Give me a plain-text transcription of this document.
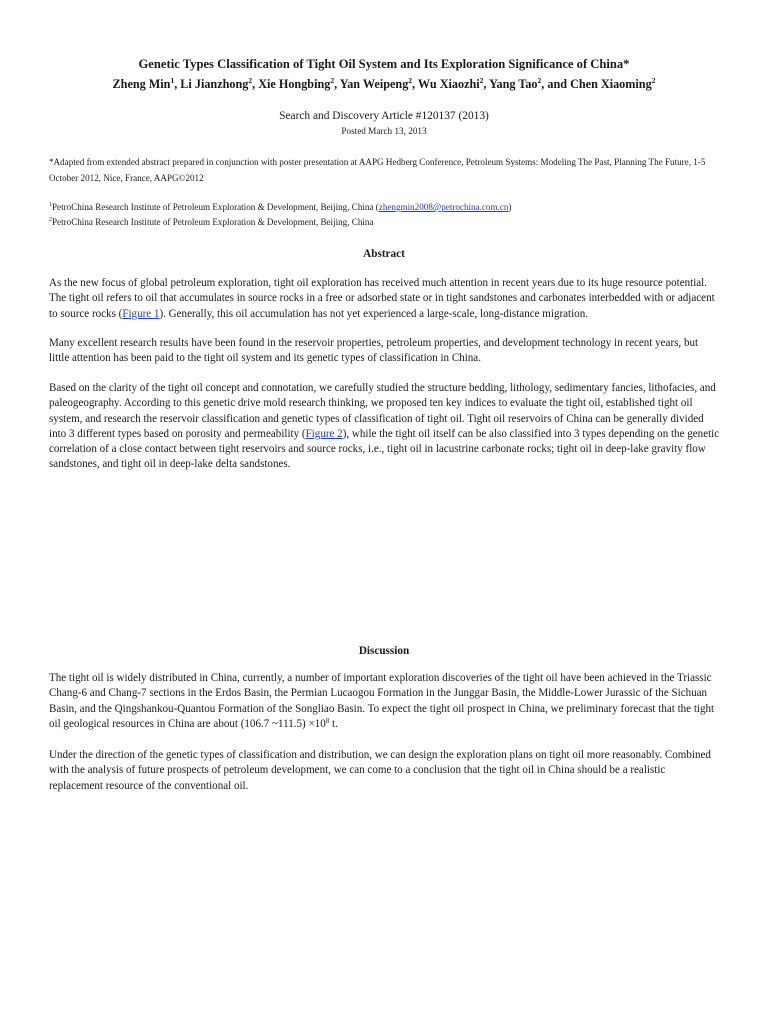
Genetic Types Classification of Tight Oil System and Its Exploration Significance of China*
Zheng Min$^1$, Li Jianzhong$^2$, Xie Hongbing$^2$, Yan Weipeng$^2$, Wu Xiaozhi$^2$, Yang Tao$^2$, and Chen Xiaoming$^2$
Search and Discovery Article #120137 (2013)
Posted March 13, 2013
*Adapted from extended abstract prepared in conjunction with poster presentation at AAPG Hedberg Conference, Petroleum Systems: Modeling The Past, Planning The Future, 1-5 October 2012, Nice, France, AAPG©2012
$^1$PetroChina Research Institute of Petroleum Exploration & Development, Beijing, China (zhengmin2008@petrochina.com.cn)
$^2$PetroChina Research Institute of Petroleum Exploration & Development, Beijing, China
Abstract
As the new focus of global petroleum exploration, tight oil exploration has received much attention in recent years due to its huge resource potential. The tight oil refers to oil that accumulates in source rocks in a free or adsorbed state or in tight sandstones and carbonates interbedded with or adjacent to source rocks (Figure 1). Generally, this oil accumulation has not yet experienced a large-scale, long-distance migration.
Many excellent research results have been found in the reservoir properties, petroleum properties, and development technology in recent years, but little attention has been paid to the tight oil system and its genetic types of classification in China.
Based on the clarity of the tight oil concept and connotation, we carefully studied the structure bedding, lithology, sedimentary fancies, lithofacies, and paleogeography. According to this genetic drive mold research thinking, we proposed ten key indices to evaluate the tight oil, established tight oil system, and research the reservoir classification and genetic types of classification of tight oil. Tight oil reservoirs of China can be generally divided into 3 different types based on porosity and permeability (Figure 2), while the tight oil itself can be also classified into 3 types depending on the genetic correlation of a close contact between tight reservoirs and source rocks, i.e., tight oil in lacustrine carbonate rocks; tight oil in deep-lake gravity flow sandstones, and tight oil in deep-lake delta sandstones.
Discussion
The tight oil is widely distributed in China, currently, a number of important exploration discoveries of the tight oil have been achieved in the Triassic Chang-6 and Chang-7 sections in the Erdos Basin, the Permian Lucaogou Formation in the Junggar Basin, the Middle-Lower Jurassic of the Sichuan Basin, and the Qingshankou-Quantou Formation of the Songliao Basin. To expect the tight oil prospect in China, we preliminary forecast that the tight oil geological resources in China are about (106.7 ~111.5) $\times 10^8$ t.
Under the direction of the genetic types of classification and distribution, we can design the exploration plans on tight oil more reasonably. Combined with the analysis of future prospects of petroleum development, we can come to a conclusion that the tight oil in China should be a realistic replacement resource of the conventional oil.
